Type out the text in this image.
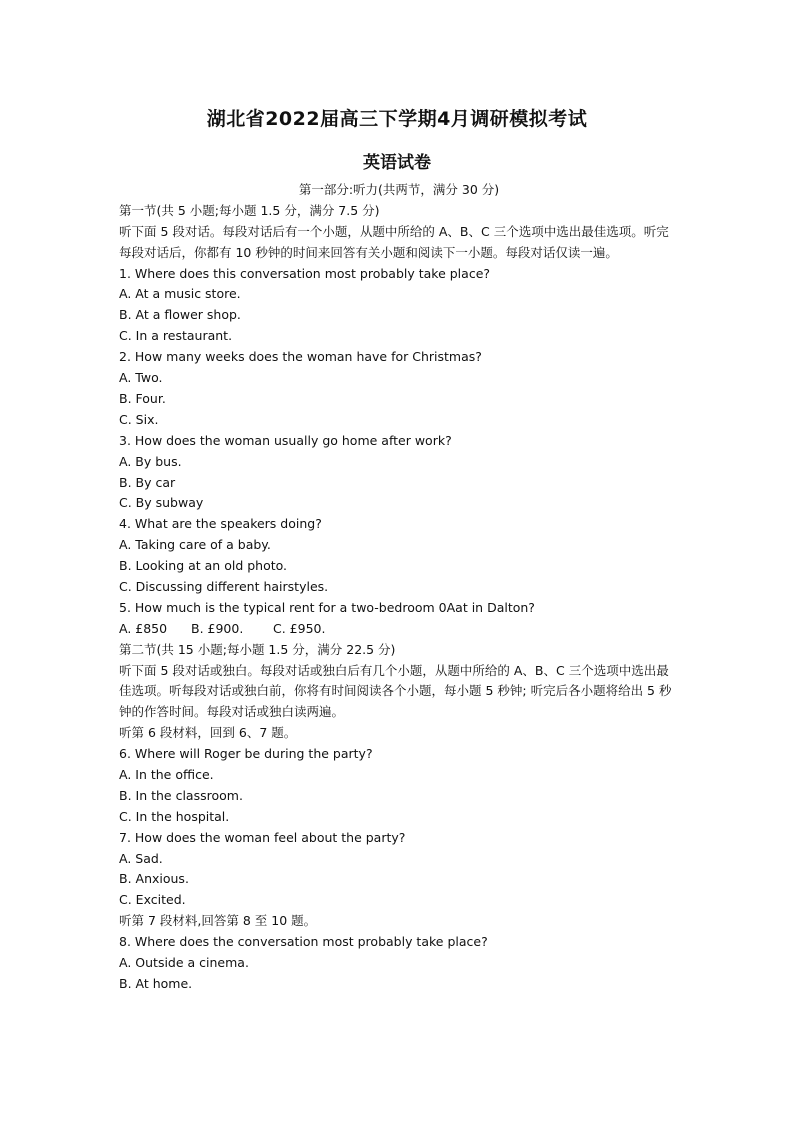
湖北省2022届高三下学期4月调研模拟考试
英语试卷
第一部分:听力(共两节，满分 30 分)
第一节(共 5 小题;每小题 1.5 分，满分 7.5 分)
听下面 5 段对话。每段对话后有一个小题，从题中所给的 A、B、C 三个选项中选出最佳选项。听完每段对话后，你都有 10 秒钟的时间来回答有关小题和阅读下一小题。每段对话仅读一遍。
1. Where does this conversation most probably take place?
A. At a music store.
B. At a flower shop.
C. In a restaurant.
2. How many weeks does the woman have for Christmas?
A. Two.
B. Four.
C. Six.
3. How does the woman usually go home after work?
A. By bus.
B. By car
C. By subway
4. What are the speakers doing?
A. Taking care of a baby.
B. Looking at an old photo.
C. Discussing different hairstyles.
5. How much is the typical rent for a two-bedroom 0Aat in Dalton?
A. £850 B. £900. C. £950.
第二节(共 15 小题;每小题 1.5 分，满分 22.5 分)
听下面 5 段对话或独白。每段对话或独白后有几个小题，从题中所给的 A、B、C 三个选项中选出最佳选项。听每段对话或独白前，你将有时间阅读各个小题，每小题 5 秒钟; 听完后各小题将给出 5 秒钟的作答时间。每段对话或独白读两遍。
听第 6 段材料，回到 6、7 题。
6. Where will Roger be during the party?
A. In the office.
B. In the classroom.
C. In the hospital.
7. How does the woman feel about the party?
A. Sad.
B. Anxious.
C. Excited.
听第 7 段材料,回答第 8 至 10 题。
8. Where does the conversation most probably take place?
A. Outside a cinema.
B. At home.
